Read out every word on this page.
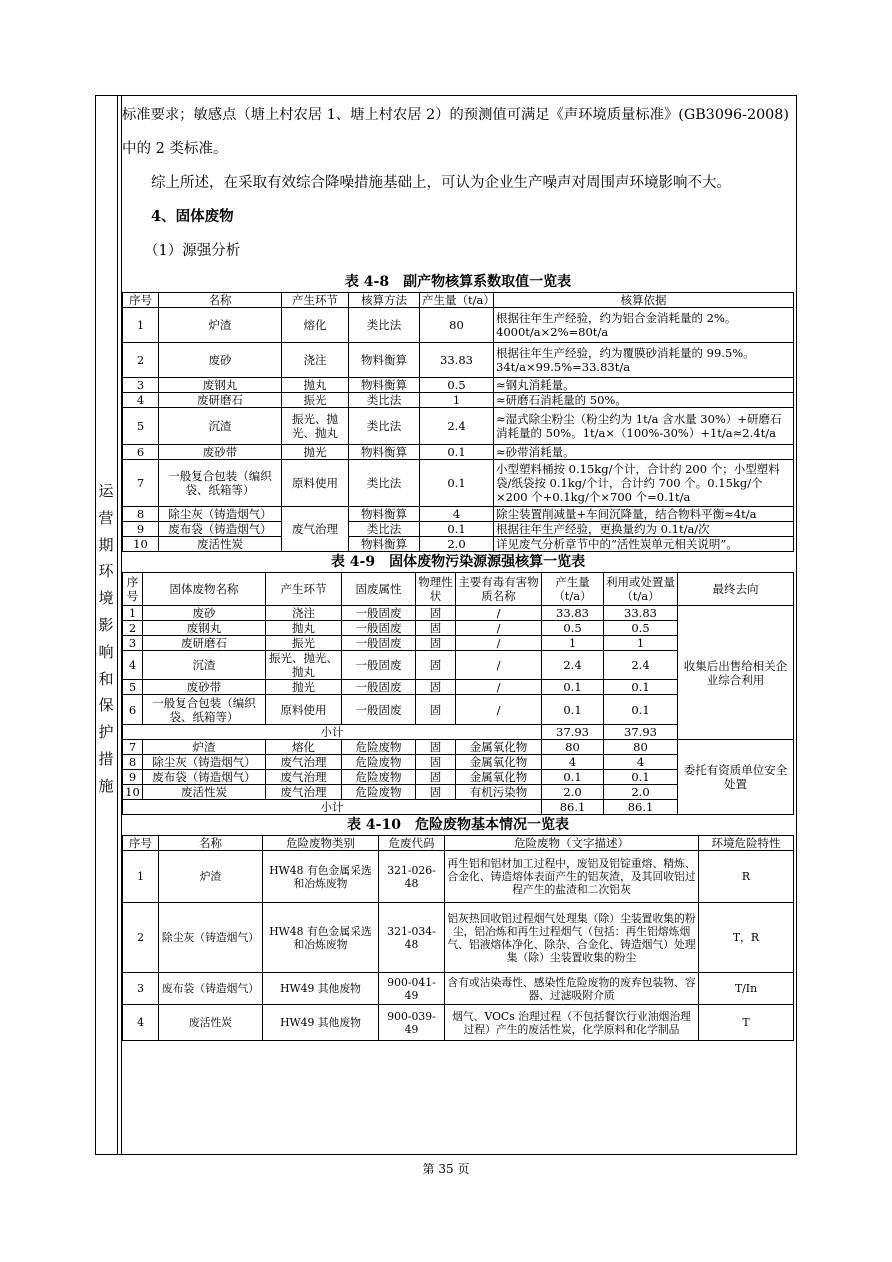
运
营
期
环
境
影
响
和
保
护
措
施

标准要求；敏感点（塘上村农居 1、塘上村农居 2）的预测值可满足《声环境质量标准》(GB3096-2008)

中的 2 类标准。

综上所述，在采取有效综合降噪措施基础上，可认为企业生产噪声对周围声环境影响不大。

4、固体废物

（1）源强分析

表 4-8　副产物核算系数取值一览表

序号	名称	产生环节	核算方法	产生量（t/a）	核算依据
1	炉渣	熔化	类比法	80	根据往年生产经验，约为铝合金消耗量的 2%。 4000t/a×2%=80t/a
2	废砂	浇注	物料衡算	33.83	根据往年生产经验，约为覆膜砂消耗量的 99.5%。 34t/a×99.5%=33.83t/a
3	废钢丸	抛丸	物料衡算	0.5	≈钢丸消耗量。
4	废研磨石	振光	类比法	1	≈研磨石消耗量的 50%。
5	沉渣	振光、抛光、抛丸	类比法	2.4	≈湿式除尘粉尘（粉尘约为 1t/a 含水量 30%）+研磨石消耗量的 50%。1t/a×（100%-30%）+1t/a≈2.4t/a
6	废砂带	抛光	物料衡算	0.1	≈砂带消耗量。
7	一般复合包装（编织袋、纸箱等）	原料使用	类比法	0.1	小型塑料桶按 0.15kg/个计，合计约 200 个；小型塑料袋/纸袋按 0.1kg/个计，合计约 700 个。0.15kg/个×200 个+0.1kg/个×700 个=0.1t/a
8	除尘灰（铸造烟气）	废气治理	物料衡算	4	除尘装置削减量+车间沉降量，结合物料平衡≈4t/a
9	废布袋（铸造烟气）		类比法	0.1	根据往年生产经验，更换量约为 0.1t/a/次
10	废活性炭		物料衡算	2.0	详见废气分析章节中的“活性炭单元相关说明”。

表 4-9　固体废物污染源源强核算一览表

序号	固体废物名称	产生环节	固废属性	物理性状	主要有毒有害物质名称	产生量（t/a）	利用或处置量（t/a）	最终去向
1	废砂	浇注	一般固废	固	/	33.83	33.83	收集后出售给相关企业综合利用
2	废钢丸	抛丸	一般固废	固	/	0.5	0.5	
3	废研磨石	振光	一般固废	固	/	1	1	
4	沉渣	振光、抛光、抛丸	一般固废	固	/	2.4	2.4	
5	废砂带	抛光	一般固废	固	/	0.1	0.1	
6	一般复合包装（编织袋、纸箱等）	原料使用	一般固废	固	/	0.1	0.1	
小计						37.93	37.93	
7	炉渣	熔化	危险废物	固	金属氧化物	80	80	委托有资质单位安全处置
8	除尘灰（铸造烟气）	废气治理	危险废物	固	金属氧化物	4	4	
9	废布袋（铸造烟气）	废气治理	危险废物	固	金属氧化物	0.1	0.1	
10	废活性炭	废气治理	危险废物	固	有机污染物	2.0	2.0	
小计						86.1	86.1	

表 4-10　危险废物基本情况一览表

序号	名称	危险废物类别	危废代码	危险废物（文字描述）	环境危险特性
1	炉渣	HW48 有色金属采选和冶炼废物	321-026-48	再生铝和铝材加工过程中，废铝及铝锭重熔、精炼、合金化、铸造熔体表面产生的铝灰渣，及其回收铝过程产生的盐渣和二次铝灰	R
2	除尘灰（铸造烟气）	HW48 有色金属采选和冶炼废物	321-034-48	铝灰热回收铝过程烟气处理集（除）尘装置收集的粉尘，铝冶炼和再生过程烟气（包括：再生铝熔炼烟气、铝液熔体净化、除杂、合金化、铸造烟气）处理集（除）尘装置收集的粉尘	T，R
3	废布袋（铸造烟气）	HW49 其他废物	900-041-49	含有或沾染毒性、感染性危险废物的废弃包装物、容器、过滤吸附介质	T/In
4	废活性炭	HW49 其他废物	900-039-49	烟气、VOCs 治理过程（不包括餐饮行业油烟治理过程）产生的废活性炭，化学原料和化学制品	T
第 35 页
